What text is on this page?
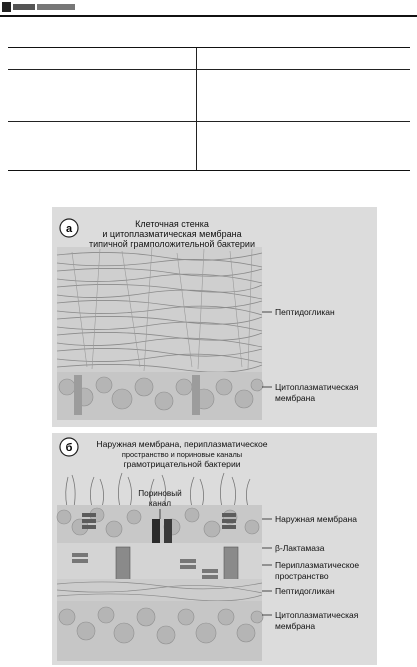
а	Клеточная стенка
и цитоплазматическая мембрана
типичной грамположительной бактерии
Пептидогликан
Цитоплазматическая
мембрана
б	Наружная мембрана, периплазматическое
пространство и пориновые каналы
грамотрицательной бактерии
Пориновый
канал
Наружная мембрана
β-Лактамаза
Периплазматическое
пространство
Пептидогликан
Цитоплазматическая
мембрана
